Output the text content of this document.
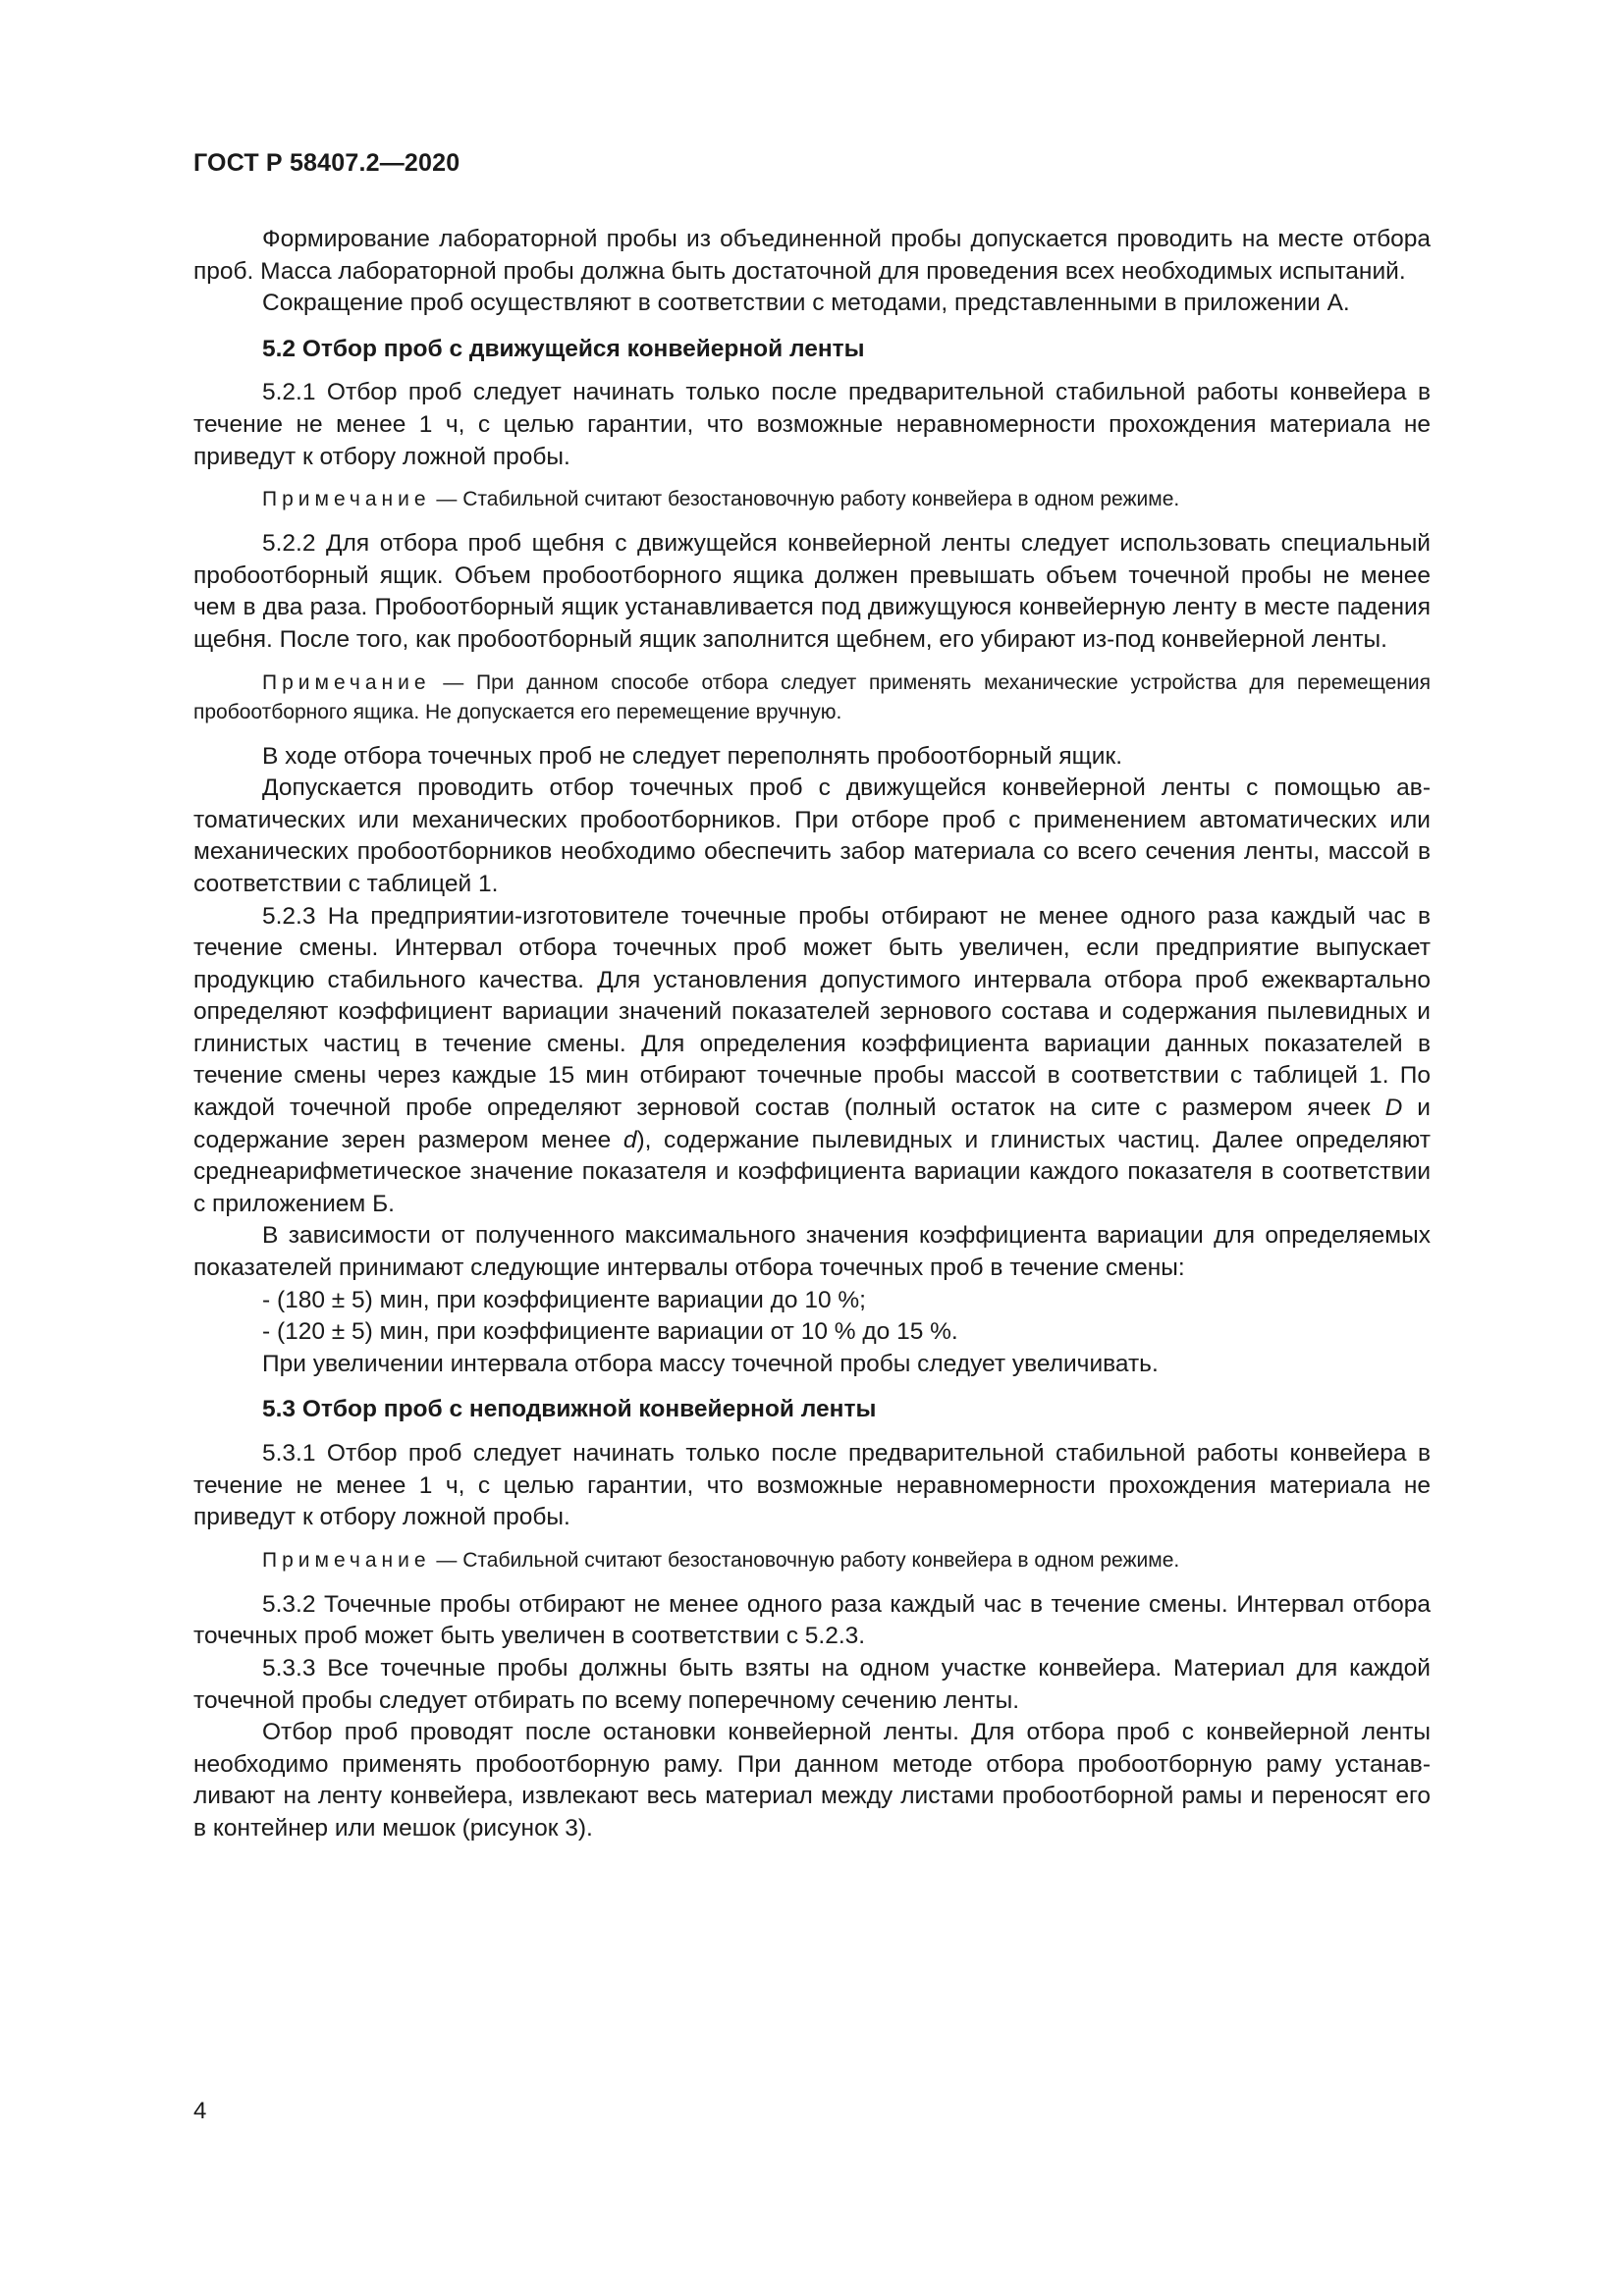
ГОСТ Р 58407.2—2020

Формирование лабораторной пробы из объединенной пробы допускается проводить на месте отбора проб. Масса лабораторной пробы должна быть достаточной для проведения всех необходимых испытаний.

Сокращение проб осуществляют в соответствии с методами, представленными в приложении А.

5.2 Отбор проб с движущейся конвейерной ленты

5.2.1 Отбор проб следует начинать только после предварительной стабильной работы конвейера в течение не менее 1 ч, с целью гарантии, что возможные неравномерности прохождения материала не приведут к отбору ложной пробы.

Примечание — Стабильной считают безостановочную работу конвейера в одном режиме.

5.2.2 Для отбора проб щебня с движущейся конвейерной ленты следует использовать специальный пробоотборный ящик. Объем пробоотборного ящика должен превышать объем точечной пробы не менее чем в два раза. Пробоотборный ящик устанавливается под движущуюся конвейерную ленту в месте падения щебня. После того, как пробоотборный ящик заполнится щебнем, его убирают из-под конвейерной ленты.

Примечание — При данном способе отбора следует применять механические устройства для перемещения пробоотборного ящика. Не допускается его перемещение вручную.

В ходе отбора точечных проб не следует переполнять пробоотборный ящик.

Допускается проводить отбор точечных проб с движущейся конвейерной ленты с помощью автоматических или механических пробоотборников. При отборе проб с применением автоматических или механических пробоотборников необходимо обеспечить забор материала со всего сечения ленты, массой в соответствии с таблицей 1.

5.2.3 На предприятии-изготовителе точечные пробы отбирают не менее одного раза каждый час в течение смены. Интервал отбора точечных проб может быть увеличен, если предприятие выпускает продукцию стабильного качества. Для установления допустимого интервала отбора проб ежеквартально определяют коэффициент вариации значений показателей зернового состава и содержания пылевидных и глинистых частиц в течение смены. Для определения коэффициента вариации данных показателей в течение смены через каждые 15 мин отбирают точечные пробы массой в соответствии с таблицей 1. По каждой точечной пробе определяют зерновой состав (полный остаток на сите с размером ячеек D и содержание зерен размером менее d), содержание пылевидных и глинистых частиц. Далее определяют среднеарифметическое значение показателя и коэффициента вариации каждого показателя в соответствии с приложением Б.

В зависимости от полученного максимального значения коэффициента вариации для определяемых показателей принимают следующие интервалы отбора точечных проб в течение смены:

- (180 ± 5) мин, при коэффициенте вариации до 10 %;

- (120 ± 5) мин, при коэффициенте вариации от 10 % до 15 %.

При увеличении интервала отбора массу точечной пробы следует увеличивать.

5.3 Отбор проб с неподвижной конвейерной ленты

5.3.1 Отбор проб следует начинать только после предварительной стабильной работы конвейера в течение не менее 1 ч, с целью гарантии, что возможные неравномерности прохождения материала не приведут к отбору ложной пробы.

Примечание — Стабильной считают безостановочную работу конвейера в одном режиме.

5.3.2 Точечные пробы отбирают не менее одного раза каждый час в течение смены. Интервал отбора точечных проб может быть увеличен в соответствии с 5.2.3.

5.3.3 Все точечные пробы должны быть взяты на одном участке конвейера. Материал для каждой точечной пробы следует отбирать по всему поперечному сечению ленты.

Отбор проб проводят после остановки конвейерной ленты. Для отбора проб с конвейерной ленты необходимо применять пробоотборную раму. При данном методе отбора пробоотборную раму устанавливают на ленту конвейера, извлекают весь материал между листами пробоотборной рамы и переносят его в контейнер или мешок (рисунок 3).

4
